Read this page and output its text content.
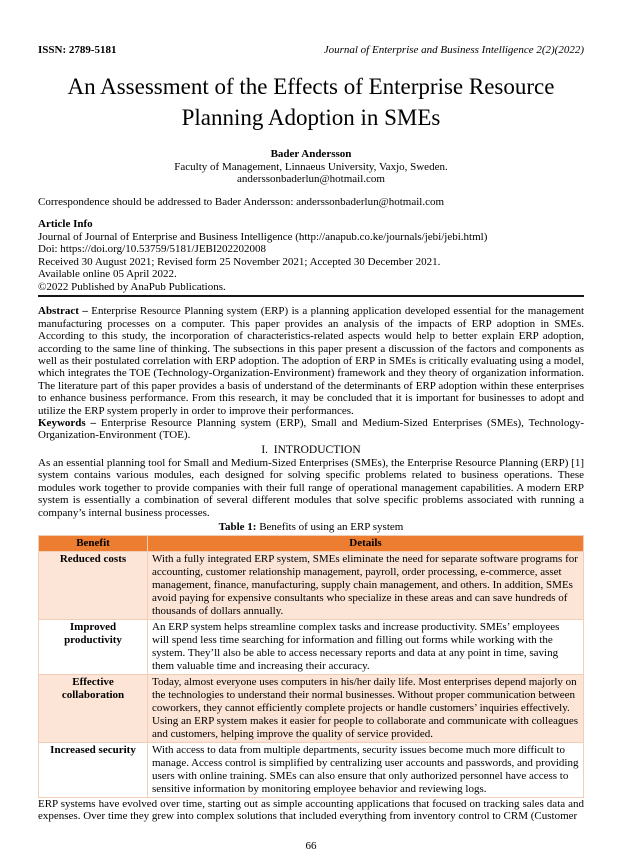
ISSN: 2789-5181	Journal of Enterprise and Business Intelligence 2(2)(2022)
An Assessment of the Effects of Enterprise Resource Planning Adoption in SMEs
Bader Andersson
Faculty of Management, Linnaeus University, Vaxjo, Sweden.
anderssonbaderlun@hotmail.com
Correspondence should be addressed to Bader Andersson: anderssonbaderlun@hotmail.com
Article Info
Journal of Journal of Enterprise and Business Intelligence (http://anapub.co.ke/journals/jebi/jebi.html)
Doi: https://doi.org/10.53759/5181/JEBI202202008
Received 30 August 2021; Revised form 25 November 2021; Accepted 30 December 2021.
Available online 05 April 2022.
©2022 Published by AnaPub Publications.

Abstract – Enterprise Resource Planning system (ERP) is a planning application developed essential for the management manufacturing processes on a computer. This paper provides an analysis of the impacts of ERP adoption in SMEs. According to this study, the incorporation of characteristics-related aspects would help to better explain ERP adoption, according to the same line of thinking. The subsections in this paper present a discussion of the factors and components as well as their postulated correlation with ERP adoption. The adoption of ERP in SMEs is critically evaluating using a model, which integrates the TOE (Technology-Organization-Environment) framework and they theory of organization information. The literature part of this paper provides a basis of understand of the determinants of ERP adoption within these enterprises to enhance business performance. From this research, it may be concluded that it is important for businesses to adopt and utilize the ERP system properly in order to improve their performances.

Keywords – Enterprise Resource Planning system (ERP), Small and Medium-Sized Enterprises (SMEs), Technology-Organization-Environment (TOE).

I.  INTRODUCTION

As an essential planning tool for Small and Medium-Sized Enterprises (SMEs), the Enterprise Resource Planning (ERP) [1] system contains various modules, each designed for solving specific problems related to business operations. These modules work together to provide companies with their full range of operational management capabilities. A modern ERP system is essentially a combination of several different modules that solve specific problems associated with running a company’s internal business processes.

Table 1: Benefits of using an ERP system
Benefit	Details
Reduced costs	With a fully integrated ERP system, SMEs eliminate the need for separate software programs for accounting, customer relationship management, payroll, order processing, e-commerce, asset management, finance, manufacturing, supply chain management, and others. In addition, SMEs avoid paying for expensive consultants who specialize in these areas and can save hundreds of thousands of dollars annually.
Improved productivity	An ERP system helps streamline complex tasks and increase productivity. SMEs’ employees will spend less time searching for information and filling out forms while working with the system. They’ll also be able to access necessary reports and data at any point in time, saving them valuable time and increasing their accuracy.
Effective collaboration	Today, almost everyone uses computers in his/her daily life. Most enterprises depend majorly on the technologies to understand their normal businesses. Without proper communication between coworkers, they cannot efficiently complete projects or handle customers’ inquiries effectively. Using an ERP system makes it easier for people to collaborate and communicate with colleagues and customers, helping improve the quality of service provided.
Increased security	With access to data from multiple departments, security issues become much more difficult to manage. Access control is simplified by centralizing user accounts and passwords, and providing users with online training. SMEs can also ensure that only authorized personnel have access to sensitive information by monitoring employee behavior and reviewing logs.

ERP systems have evolved over time, starting out as simple accounting applications that focused on tracking sales data and expenses. Over time they grew into complex solutions that included everything from inventory control to CRM (Customer

66
